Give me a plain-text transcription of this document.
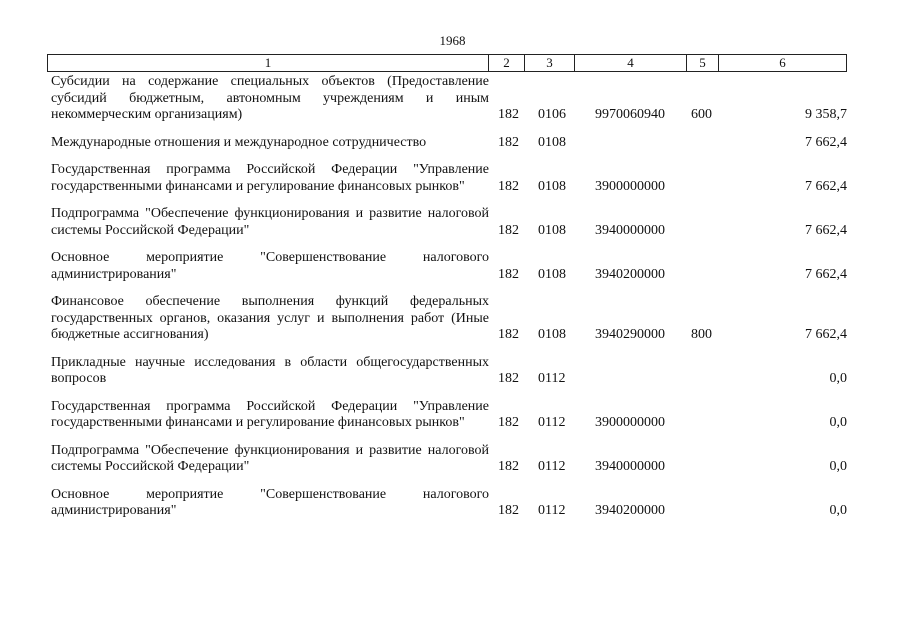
1968
1	2	3	4	5	6
Субсидии на содержание специальных объектов (Предоставление субсидий бюджетным, автономным учреждениям и иным некоммерческим организациям)	182 0106 9970060940 600	9 358,7
Международные отношения и международное сотрудничество	182 0108	7 662,4
Государственная программа Российской Федерации "Управление государственными финансами и регулирование финансовых рынков"	182 0108 3900000000	7 662,4
Подпрограмма "Обеспечение функционирования и развитие налоговой системы Российской Федерации"	182 0108 3940000000	7 662,4
Основное мероприятие "Совершенствование налогового администрирования"	182 0108 3940200000	7 662,4
Финансовое обеспечение выполнения функций федеральных государственных органов, оказания услуг и выполнения работ (Иные бюджетные ассигнования)	182 0108 3940290000 800	7 662,4
Прикладные научные исследования в области общегосударственных вопросов	182 0112	0,0
Государственная программа Российской Федерации "Управление государственными финансами и регулирование финансовых рынков"	182 0112 3900000000	0,0
Подпрограмма "Обеспечение функционирования и развитие налоговой системы Российской Федерации"	182 0112 3940000000	0,0
Основное мероприятие "Совершенствование налогового администрирования"	182 0112 3940200000	0,0
